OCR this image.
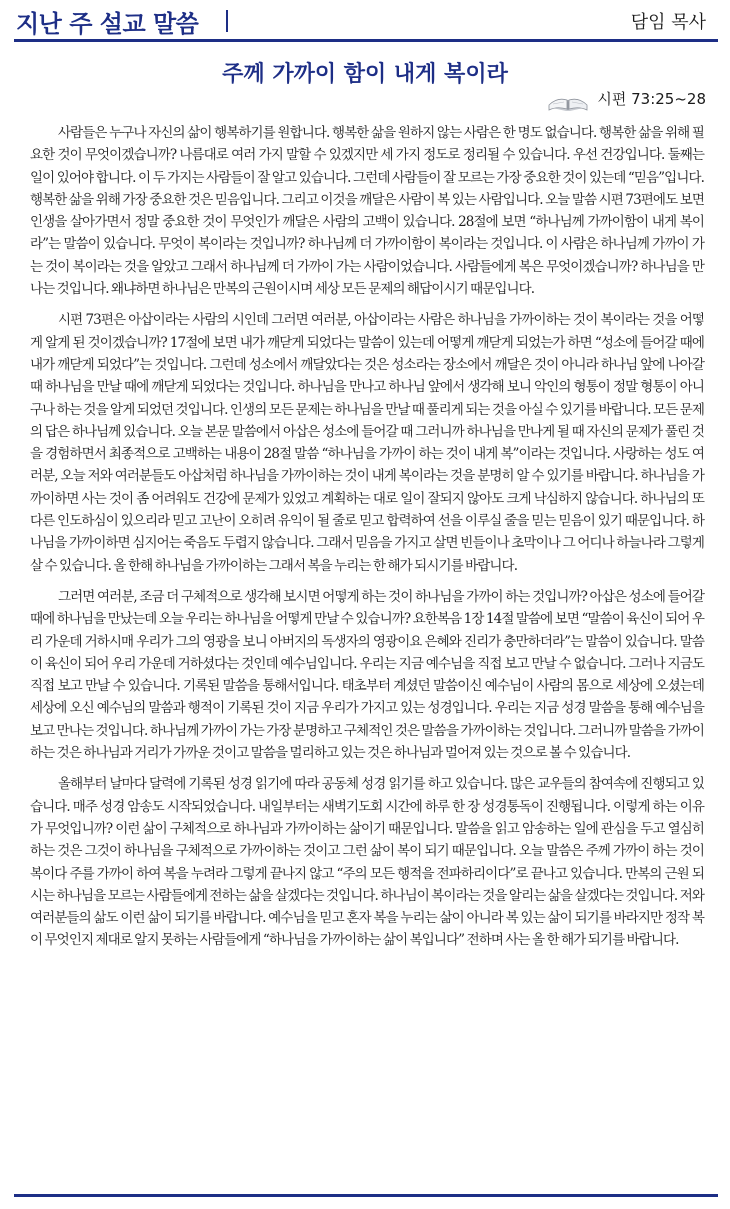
지난 주 설교 말씀	담임 목사
주께 가까이 함이 내게 복이라
시편 73:25~28

사람들은 누구나 자신의 삶이 행복하기를 원합니다. 행복한 삶을 원하지 않는 사람은 한 명도 없습니다. 행복한 삶을 위해 필요한 것이 무엇이겠습니까? 나름대로 여러 가지 말할 수 있겠지만 세 가지 정도로 정리될 수 있습니다. 우선 건강입니다. 둘째는 일이 있어야 합니다. 이 두 가지는 사람들이 잘 알고 있습니다. 그런데 사람들이 잘 모르는 가장 중요한 것이 있는데 “믿음”입니다. 행복한 삶을 위해 가장 중요한 것은 믿음입니다. 그리고 이것을 깨달은 사람이 복 있는 사람입니다. 오늘 말씀 시편 73편에도 보면 인생을 살아가면서 정말 중요한 것이 무엇인가 깨달은 사람의 고백이 있습니다. 28절에 보면 “하나님께 가까이함이 내게 복이라”는 말씀이 있습니다. 무엇이 복이라는 것입니까? 하나님께 더 가까이함이 복이라는 것입니다. 이 사람은 하나님께 가까이 가는 것이 복이라는 것을 알았고 그래서 하나님께 더 가까이 가는 사람이었습니다. 사람들에게 복은 무엇이겠습니까? 하나님을 만나는 것입니다. 왜냐하면 하나님은 만복의 근원이시며 세상 모든 문제의 해답이시기 때문입니다.

시편 73편은 아삽이라는 사람의 시인데 그러면 여러분, 아삽이라는 사람은 하나님을 가까이하는 것이 복이라는 것을 어떻게 알게 된 것이겠습니까? 17절에 보면 내가 깨닫게 되었다는 말씀이 있는데 어떻게 깨닫게 되었는가 하면 “성소에 들어갈 때에 내가 깨닫게 되었다”는 것입니다. 그런데 성소에서 깨달았다는 것은 성소라는 장소에서 깨달은 것이 아니라 하나님 앞에 나아갈 때 하나님을 만날 때에 깨닫게 되었다는 것입니다. 하나님을 만나고 하나님 앞에서 생각해 보니 악인의 형통이 정말 형통이 아니구나 하는 것을 알게 되었던 것입니다. 인생의 모든 문제는 하나님을 만날 때 풀리게 되는 것을 아실 수 있기를 바랍니다. 모든 문제의 답은 하나님께 있습니다. 오늘 본문 말씀에서 아삽은 성소에 들어갈 때 그러니까 하나님을 만나게 될 때 자신의 문제가 풀린 것을 경험하면서 최종적으로 고백하는 내용이 28절 말씀 “하나님을 가까이 하는 것이 내게 복”이라는 것입니다. 사랑하는 성도 여러분, 오늘 저와 여러분들도 아삽처럼 하나님을 가까이하는 것이 내게 복이라는 것을 분명히 알 수 있기를 바랍니다. 하나님을 가까이하면 사는 것이 좀 어려워도 건강에 문제가 있었고 계획하는 대로 일이 잘되지 않아도 크게 낙심하지 않습니다. 하나님의 또 다른 인도하심이 있으리라 믿고 고난이 오히려 유익이 될 줄로 믿고 합력하여 선을 이루실 줄을 믿는 믿음이 있기 때문입니다. 하나님을 가까이하면 심지어는 죽음도 두렵지 않습니다. 그래서 믿음을 가지고 살면 빈들이나 초막이나 그 어디나 하늘나라 그렇게 살 수 있습니다. 올 한해 하나님을 가까이하는 그래서 복을 누리는 한 해가 되시기를 바랍니다.

그러면 여러분, 조금 더 구체적으로 생각해 보시면 어떻게 하는 것이 하나님을 가까이 하는 것입니까? 아삽은 성소에 들어갈 때에 하나님을 만났는데 오늘 우리는 하나님을 어떻게 만날 수 있습니까? 요한복음 1장 14절 말씀에 보면 “말씀이 육신이 되어 우리 가운데 거하시매 우리가 그의 영광을 보니 아버지의 독생자의 영광이요 은혜와 진리가 충만하더라”는 말씀이 있습니다. 말씀이 육신이 되어 우리 가운데 거하셨다는 것인데 예수님입니다. 우리는 지금 예수님을 직접 보고 만날 수 없습니다. 그러나 지금도 직접 보고 만날 수 있습니다. 기록된 말씀을 통해서입니다. 태초부터 계셨던 말씀이신 예수님이 사람의 몸으로 세상에 오셨는데 세상에 오신 예수님의 말씀과 행적이 기록된 것이 지금 우리가 가지고 있는 성경입니다. 우리는 지금 성경 말씀을 통해 예수님을 보고 만나는 것입니다. 하나님께 가까이 가는 가장 분명하고 구체적인 것은 말씀을 가까이하는 것입니다. 그러니까 말씀을 가까이하는 것은 하나님과 거리가 가까운 것이고 말씀을 멀리하고 있는 것은 하나님과 멀어져 있는 것으로 볼 수 있습니다.

올해부터 날마다 달력에 기록된 성경 읽기에 따라 공동체 성경 읽기를 하고 있습니다. 많은 교우들의 참여속에 진행되고 있습니다. 매주 성경 암송도 시작되었습니다. 내일부터는 새벽기도회 시간에 하루 한 장 성경통독이 진행됩니다. 이렇게 하는 이유가 무엇입니까? 이런 삶이 구체적으로 하나님과 가까이하는 삶이기 때문입니다. 말씀을 읽고 암송하는 일에 관심을 두고 열심히 하는 것은 그것이 하나님을 구체적으로 가까이하는 것이고 그런 삶이 복이 되기 때문입니다. 오늘 말씀은 주께 가까이 하는 것이 복이다 주를 가까이 하여 복을 누려라 그렇게 끝나지 않고 “주의 모든 행적을 전파하리이다”로 끝나고 있습니다. 만복의 근원 되시는 하나님을 모르는 사람들에게 전하는 삶을 살겠다는 것입니다. 하나님이 복이라는 것을 알리는 삶을 살겠다는 것입니다. 저와 여러분들의 삶도 이런 삶이 되기를 바랍니다. 예수님을 믿고 혼자 복을 누리는 삶이 아니라 복 있는 삶이 되기를 바라지만 정작 복이 무엇인지 제대로 알지 못하는 사람들에게 “하나님을 가까이하는 삶이 복입니다” 전하며 사는 올 한 해가 되기를 바랍니다.
